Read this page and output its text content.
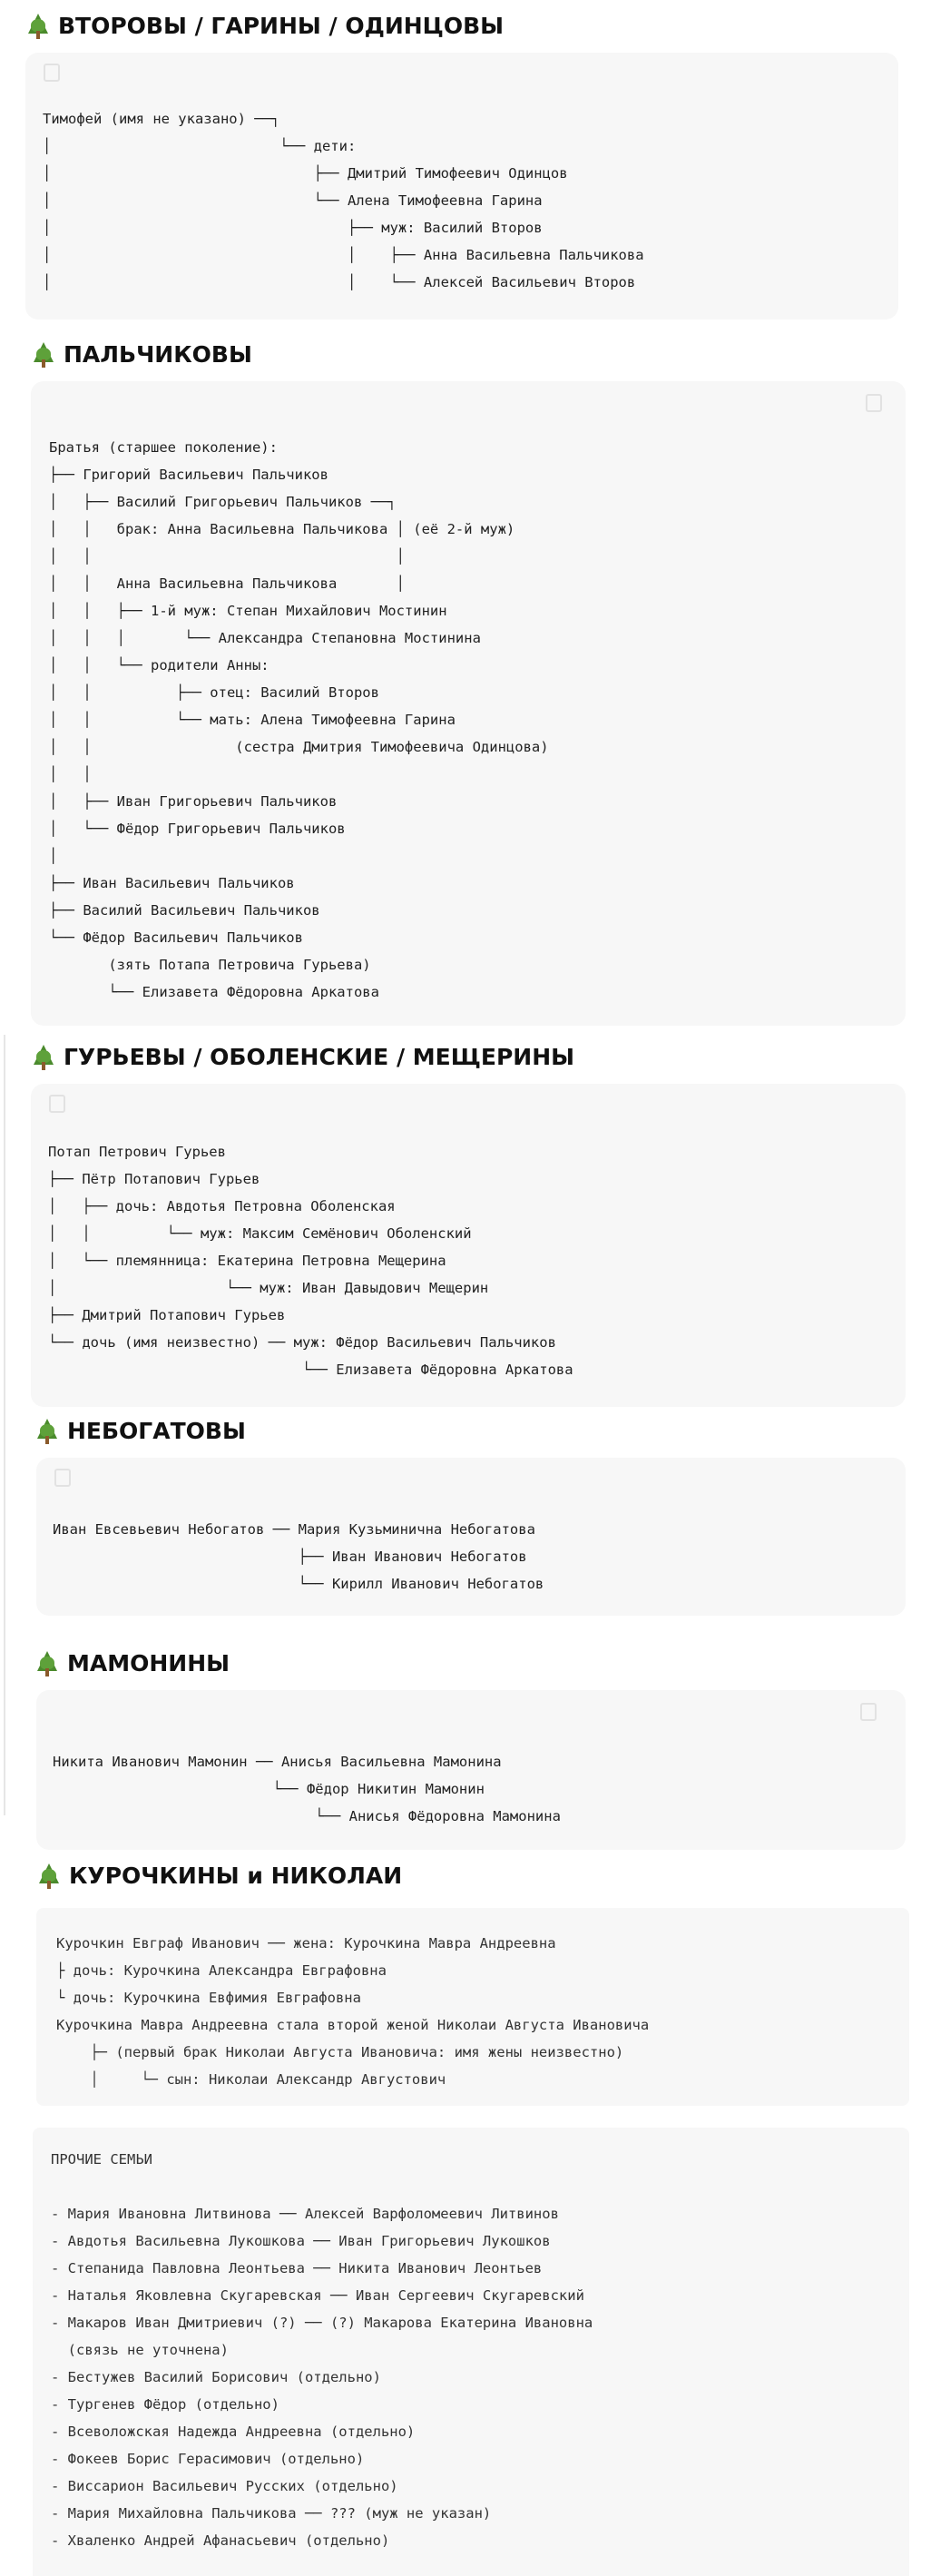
ВТОРОВЫ / ГАРИНЫ / ОДИНЦОВЫ
Тимофей (имя не указано) ──┐
│                           └── дети:
│                               ├── Дмитрий Тимофеевич Одинцов
│                               └── Алена Тимофеевна Гарина
│                                   ├── муж: Василий Второв
│                                   │    ├── Анна Васильевна Пальчикова
│                                   │    └── Алексей Васильевич Второв
ПАЛЬЧИКОВЫ
Братья (старшее поколение):
├── Григорий Васильевич Пальчиков
│   ├── Василий Григорьевич Пальчиков ──┐
│   │   брак: Анна Васильевна Пальчикова │ (её 2-й муж)
│   │                                    │
│   │   Анна Васильевна Пальчикова       │
│   │   ├── 1-й муж: Степан Михайлович Мостинин
│   │   │       └── Александра Степановна Мостинина
│   │   └── родители Анны:
│   │          ├── отец: Василий Второв
│   │          └── мать: Алена Тимофеевна Гарина
│   │                 (сестра Дмитрия Тимофеевича Одинцова)
│   │
│   ├── Иван Григорьевич Пальчиков
│   └── Фёдор Григорьевич Пальчиков
│
├── Иван Васильевич Пальчиков
├── Василий Васильевич Пальчиков
└── Фёдор Васильевич Пальчиков
(зять Потапа Петровича Гурьева)
└── Елизавета Фёдоровна Аркатова
ГУРЬЕВЫ / ОБОЛЕНСКИЕ / МЕЩЕРИНЫ
Потап Петрович Гурьев
├── Пётр Потапович Гурьев
│   ├── дочь: Авдотья Петровна Оболенская
│   │         └── муж: Максим Семёнович Оболенский
│   └── племянница: Екатерина Петровна Мещерина
│                    └── муж: Иван Давыдович Мещерин
├── Дмитрий Потапович Гурьев
└── дочь (имя неизвестно) ── муж: Фёдор Васильевич Пальчиков
└── Елизавета Фёдоровна Аркатова
НЕБОГАТОВЫ
Иван Евсевьевич Небогатов ── Мария Кузьминична Небогатова
├── Иван Иванович Небогатов
└── Кирилл Иванович Небогатов
МАМОНИНЫ
Никита Иванович Мамонин ── Анисья Васильевна Мамонина
└── Фёдор Никитин Мамонин
└── Анисья Фёдоровна Мамонина
КУРОЧКИНЫ и НИКОЛАИ
Курочкин Евграф Иванович ── жена: Курочкина Мавра Андреевна
├ дочь: Курочкина Александра Евграфовна
└ дочь: Курочкина Евфимия Евграфовна
Курочкина Мавра Андреевна стала второй женой Николаи Августа Ивановича
├─ (первый брак Николаи Августа Ивановича: имя жены неизвестно)
│     └─ сын: Николаи Александр Августович
ПРОЧИЕ СЕМЬИ

- Мария Ивановна Литвинова ── Алексей Варфоломеевич Литвинов
- Авдотья Васильевна Лукошкова ── Иван Григорьевич Лукошков
- Степанида Павловна Леонтьева ── Никита Иванович Леонтьев
- Наталья Яковлевна Скугаревская ── Иван Сергеевич Скугаревский
- Макаров Иван Дмитриевич (?) ── (?) Макарова Екатерина Ивановна
(связь не уточнена)
- Бестужев Василий Борисович (отдельно)
- Тургенев Фёдор (отдельно)
- Всеволожская Надежда Андреевна (отдельно)
- Фокеев Борис Герасимович (отдельно)
- Виссарион Васильевич Русских (отдельно)
- Мария Михайловна Пальчикова ── ??? (муж не указан)
- Хваленко Андрей Афанасьевич (отдельно)
